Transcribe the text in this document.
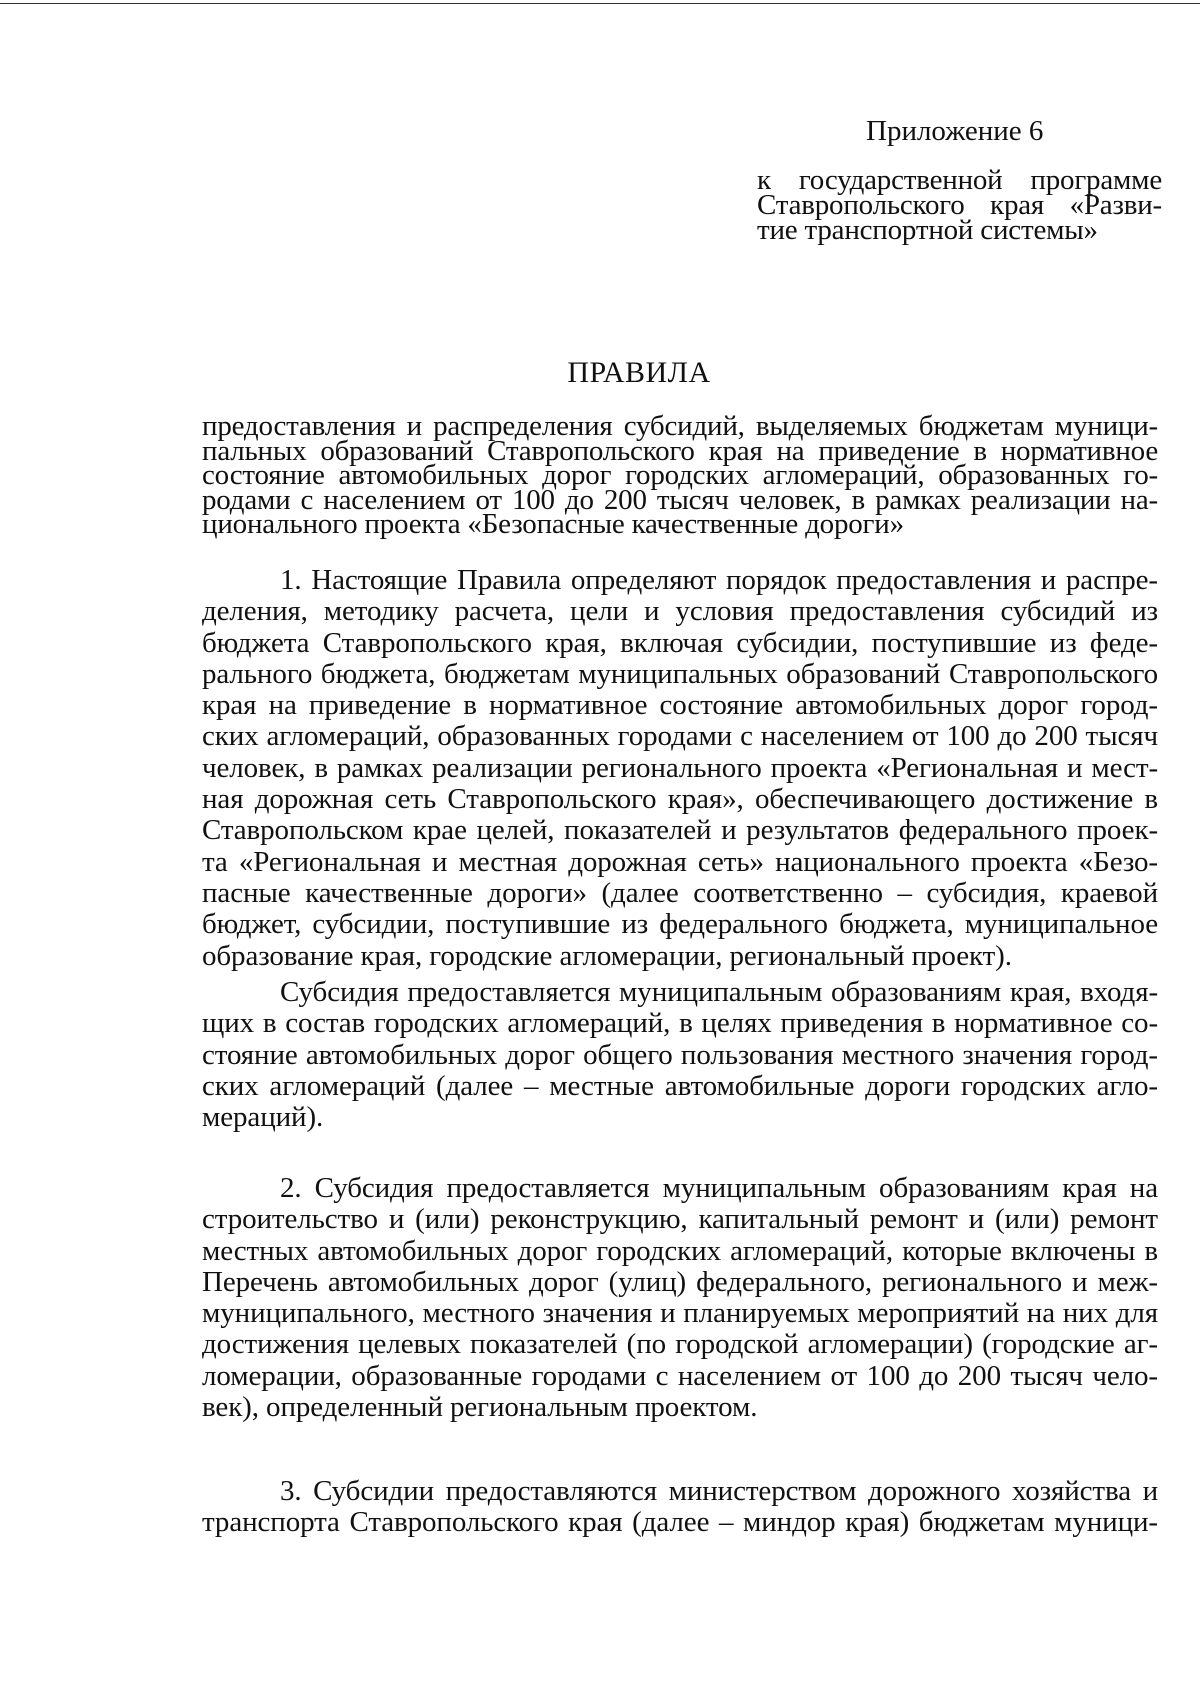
Приложение 6
к государственной программе
Ставропольского края «Разви-
тие транспортной системы»
ПРАВИЛА
предоставления и распределения субсидий, выделяемых бюджетам муници-
пальных образований Ставропольского края на приведение в нормативное
состояние автомобильных дорог городских агломераций, образованных го-
родами с населением от 100 до 200 тысяч человек, в рамках реализации на-
ционального проекта «Безопасные качественные дороги»
1. Настоящие Правила определяют порядок предоставления и распре-
деления, методику расчета, цели и условия предоставления субсидий из
бюджета Ставропольского края, включая субсидии, поступившие из феде-
рального бюджета, бюджетам муниципальных образований Ставропольского
края на приведение в нормативное состояние автомобильных дорог город-
ских агломераций, образованных городами с населением от 100 до 200 тысяч
человек, в рамках реализации регионального проекта «Региональная и мест-
ная дорожная сеть Ставропольского края», обеспечивающего достижение в
Ставропольском крае целей, показателей и результатов федерального проек-
та «Региональная и местная дорожная сеть» национального проекта «Безо-
пасные качественные дороги» (далее соответственно – субсидия, краевой
бюджет, субсидии, поступившие из федерального бюджета, муниципальное
образование края, городские агломерации, региональный проект).
Субсидия предоставляется муниципальным образованиям края, входя-
щих в состав городских агломераций, в целях приведения в нормативное со-
стояние автомобильных дорог общего пользования местного значения город-
ских агломераций (далее – местные автомобильные дороги городских агло-
мераций).
2. Субсидия предоставляется муниципальным образованиям края на
строительство и (или) реконструкцию, капитальный ремонт и (или) ремонт
местных автомобильных дорог городских агломераций, которые включены в
Перечень автомобильных дорог (улиц) федерального, регионального и меж-
муниципального, местного значения и планируемых мероприятий на них для
достижения целевых показателей (по городской агломерации) (городские аг-
ломерации, образованные городами с населением от 100 до 200 тысяч чело-
век), определенный региональным проектом.
3. Субсидии предоставляются министерством дорожного хозяйства и
транспорта Ставропольского края (далее – миндор края) бюджетам муници-
